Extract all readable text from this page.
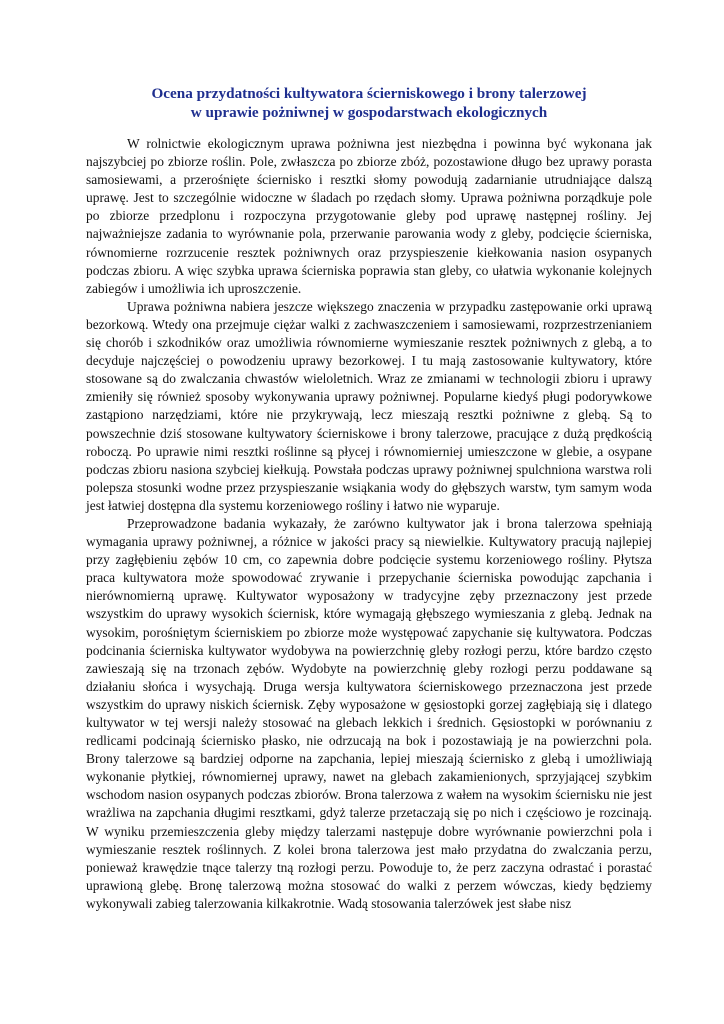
Ocena przydatności kultywatora ścierniskowego i brony talerzowej
w uprawie pożniwnej w gospodarstwach ekologicznych

W rolnictwie ekologicznym uprawa pożniwna jest niezbędna i powinna być wykonana jak najszybciej po zbiorze roślin. Pole, zwłaszcza po zbiorze zbóż, pozostawione długo bez uprawy porasta samosiewami, a przerośnięte ściernisko i resztki słomy powodują zadarnianie utrudniające dalszą uprawę. Jest to szczególnie widoczne w śladach po rzędach słomy. Uprawa pożniwna porządkuje pole po zbiorze przedplonu i rozpoczyna przygotowanie gleby pod uprawę następnej rośliny. Jej najważniejsze zadania to wyrównanie pola, przerwanie parowania wody z gleby, podcięcie ścierniska, równomierne rozrzucenie resztek pożniwnych oraz przyspieszenie kiełkowania nasion osypanych podczas zbioru. A więc szybka uprawa ścierniska poprawia stan gleby, co ułatwia wykonanie kolejnych zabiegów i umożliwia ich uproszczenie.

Uprawa pożniwna nabiera jeszcze większego znaczenia w przypadku zastępowanie orki uprawą bezorkową. Wtedy ona przejmuje ciężar walki z zachwaszczeniem i samosiewami, rozprzestrzenianiem się chorób i szkodników oraz umożliwia równomierne wymieszanie resztek pożniwnych z glebą, a to decyduje najczęściej o powodzeniu uprawy bezorkowej. I tu mają zastosowanie kultywatory, które stosowane są do zwalczania chwastów wieloletnich. Wraz ze zmianami w technologii zbioru i uprawy zmieniły się również sposoby wykonywania uprawy pożniwnej. Popularne kiedyś pługi podorywkowe zastąpiono narzędziami, które nie przykrywają, lecz mieszają resztki pożniwne z glebą. Są to powszechnie dziś stosowane kultywatory ścierniskowe i brony talerzowe, pracujące z dużą prędkością roboczą. Po uprawie nimi resztki roślinne są płycej i równomierniej umieszczone w glebie, a osypane podczas zbioru nasiona szybciej kiełkują. Powstała podczas uprawy pożniwnej spulchniona warstwa roli polepsza stosunki wodne przez przyspieszanie wsiąkania wody do głębszych warstw, tym samym woda jest łatwiej dostępna dla systemu korzeniowego rośliny i łatwo nie wyparuje.

Przeprowadzone badania wykazały, że zarówno kultywator jak i brona talerzowa spełniają wymagania uprawy pożniwnej, a różnice w jakości pracy są niewielkie. Kultywatory pracują najlepiej przy zagłębieniu zębów 10 cm, co zapewnia dobre podcięcie systemu korzeniowego rośliny. Płytsza praca kultywatora może spowodować zrywanie i przepychanie ścierniska powodując zapchania i nierównomierną uprawę. Kultywator wyposażony w tradycyjne zęby przeznaczony jest przede wszystkim do uprawy wysokich ściernisk, które wymagają głębszego wymieszania z glebą. Jednak na wysokim, porośniętym ścierniskiem po zbiorze może występować zapychanie się kultywatora. Podczas podcinania ścierniska kultywator wydobywa na powierzchnię gleby rozłogi perzu, które bardzo często zawieszają się na trzonach zębów. Wydobyte na powierzchnię gleby rozłogi perzu poddawane są działaniu słońca i wysychają. Druga wersja kultywatora ścierniskowego przeznaczona jest przede wszystkim do uprawy niskich ściernisk. Zęby wyposażone w gęsiostopki gorzej zagłębiają się i dlatego kultywator w tej wersji należy stosować na glebach lekkich i średnich. Gęsiostopki w porównaniu z redlicami podcinają ściernisko płasko, nie odrzucają na bok i pozostawiają je na powierzchni pola. Brony talerzowe są bardziej odporne na zapchania, lepiej mieszają ściernisko z glebą i umożliwiają wykonanie płytkiej, równomiernej uprawy, nawet na glebach zakamienionych, sprzyjającej szybkim wschodom nasion osypanych podczas zbiorów. Brona talerzowa z wałem na wysokim ściernisku nie jest wrażliwa na zapchania długimi resztkami, gdyż talerze przetaczają się po nich i częściowo je rozcinają. W wyniku przemieszczenia gleby między talerzami następuje dobre wyrównanie powierzchni pola i wymieszanie resztek roślinnych. Z kolei brona talerzowa jest mało przydatna do zwalczania perzu, ponieważ krawędzie tnące talerzy tną rozłogi perzu. Powoduje to, że perz zaczyna odrastać i porastać uprawioną glebę. Bronę talerzową można stosować do walki z perzem wówczas, kiedy będziemy wykonywali zabieg talerzowania kilkakrotnie. Wadą stosowania talerzówek jest słabe nisz
